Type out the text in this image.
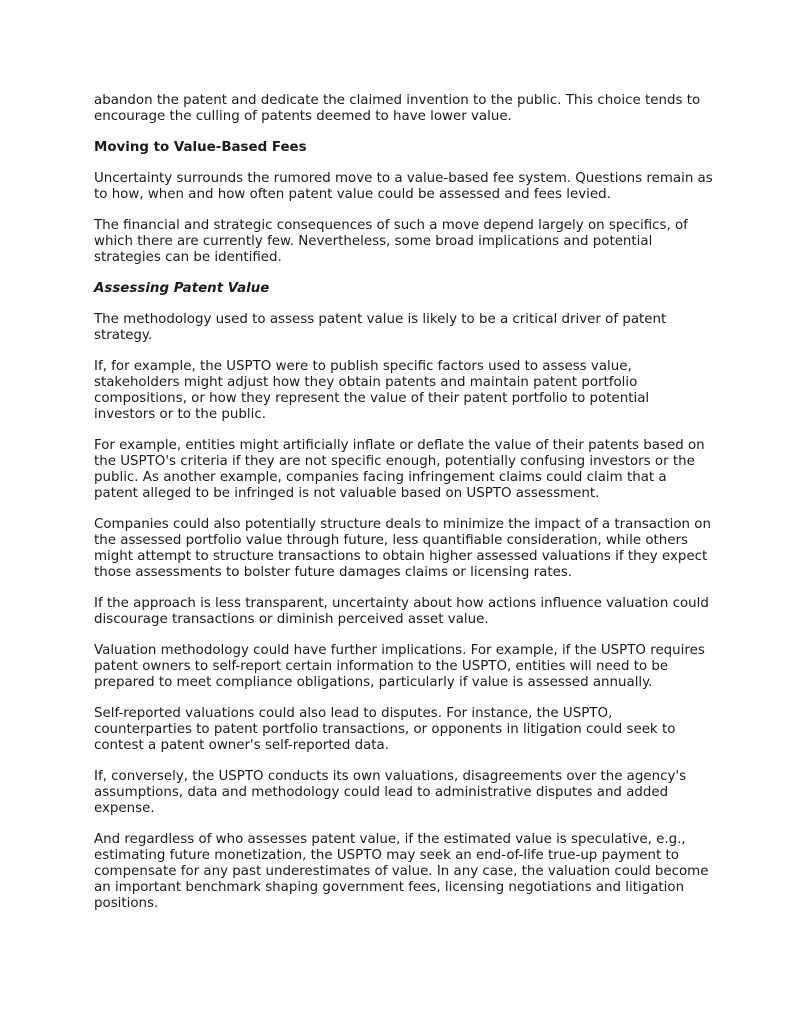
abandon the patent and dedicate the claimed invention to the public. This choice tends to encourage the culling of patents deemed to have lower value.

Moving to Value-Based Fees

Uncertainty surrounds the rumored move to a value-based fee system. Questions remain as to how, when and how often patent value could be assessed and fees levied.

The financial and strategic consequences of such a move depend largely on specifics, of which there are currently few. Nevertheless, some broad implications and potential strategies can be identified.

Assessing Patent Value

The methodology used to assess patent value is likely to be a critical driver of patent strategy.

If, for example, the USPTO were to publish specific factors used to assess value, stakeholders might adjust how they obtain patents and maintain patent portfolio compositions, or how they represent the value of their patent portfolio to potential investors or to the public.

For example, entities might artificially inflate or deflate the value of their patents based on the USPTO's criteria if they are not specific enough, potentially confusing investors or the public. As another example, companies facing infringement claims could claim that a patent alleged to be infringed is not valuable based on USPTO assessment.

Companies could also potentially structure deals to minimize the impact of a transaction on the assessed portfolio value through future, less quantifiable consideration, while others might attempt to structure transactions to obtain higher assessed valuations if they expect those assessments to bolster future damages claims or licensing rates.

If the approach is less transparent, uncertainty about how actions influence valuation could discourage transactions or diminish perceived asset value.

Valuation methodology could have further implications. For example, if the USPTO requires patent owners to self-report certain information to the USPTO, entities will need to be prepared to meet compliance obligations, particularly if value is assessed annually.

Self-reported valuations could also lead to disputes. For instance, the USPTO, counterparties to patent portfolio transactions, or opponents in litigation could seek to contest a patent owner's self-reported data.

If, conversely, the USPTO conducts its own valuations, disagreements over the agency's assumptions, data and methodology could lead to administrative disputes and added expense.

And regardless of who assesses patent value, if the estimated value is speculative, e.g., estimating future monetization, the USPTO may seek an end-of-life true-up payment to compensate for any past underestimates of value. In any case, the valuation could become an important benchmark shaping government fees, licensing negotiations and litigation positions.
